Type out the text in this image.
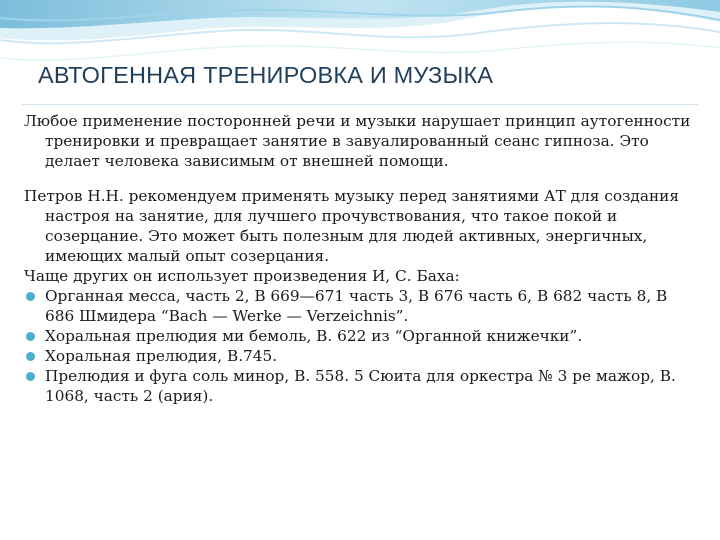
АВТОГЕННАЯ ТРЕНИРОВКА И МУЗЫКА

Любое применение посторонней речи и музыки нарушает принцип аутогенности тренировки и превращает занятие в завуалированный сеанс гипноза. Это делает человека зависимым от внешней помощи.

Петров Н.Н. рекомендуем применять музыку перед занятиями АТ для создания настроя на занятие, для лучшего прочувствования, что такое покой и созерцание. Это может быть полезным для людей активных, энергичных, имеющих малый опыт созерцания.

Чаще других он использует произведения И, С. Баха:

Органная месса, часть 2, В 669—671 часть 3, В 676 часть 6, В 682 часть 8, В 686 Шмидера “Bach — Werke — Verzeichnis”.
Хоральная прелюдия ми бемоль, В. 622 из “Органной книжечки”.
Хоральная прелюдия, В.745.
Прелюдия и фуга соль минор, В. 558. 5 Сюита для оркестра № 3 ре мажор, В. 1068, часть 2 (ария).
